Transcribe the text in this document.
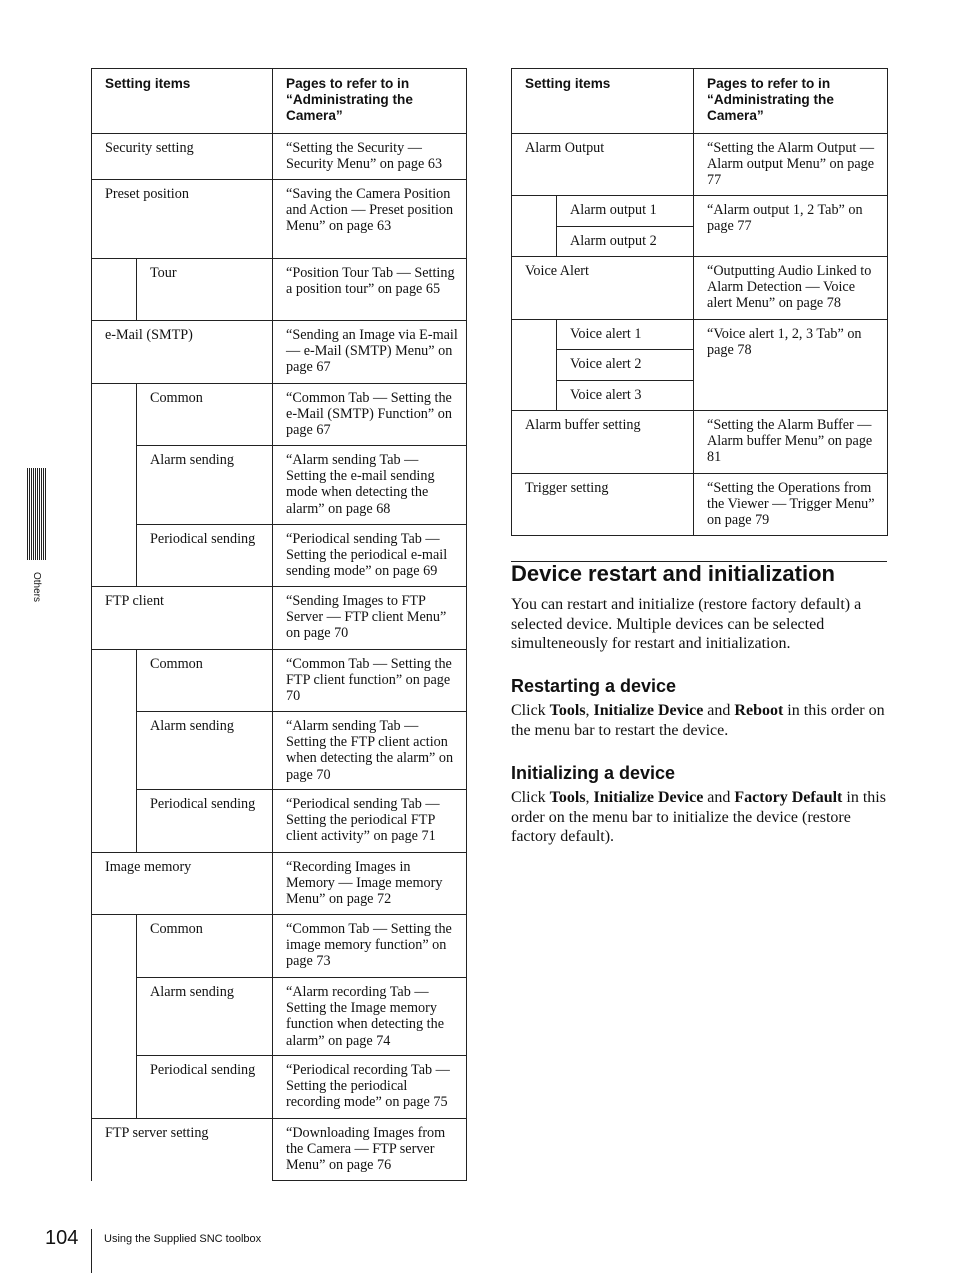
Setting items		Pages to refer to in “Administrating the Camera”
Security setting		“Setting the Security — Security Menu” on page 63
Preset position		“Saving the Camera Position and Action — Preset position Menu” on page 63
	Tour	“Position Tour Tab — Setting a position tour” on page 65
e-Mail (SMTP)		“Sending an Image via E-mail — e-Mail (SMTP) Menu” on page 67
	Common	“Common Tab — Setting the e-Mail (SMTP) Function” on page 67
	Alarm sending	“Alarm sending Tab — Setting the e-mail sending mode when detecting the alarm” on page 68
	Periodical sending	“Periodical sending Tab — Setting the periodical e-mail sending mode” on page 69
FTP client		“Sending Images to FTP Server — FTP client Menu” on page 70
	Common	“Common Tab — Setting the FTP client function” on page 70
	Alarm sending	“Alarm sending Tab — Setting the FTP client action when detecting the alarm” on page 70
	Periodical sending	“Periodical sending Tab — Setting the periodical FTP client activity” on page 71
Image memory		“Recording Images in Memory — Image memory Menu” on page 72
	Common	“Common Tab — Setting the image memory function” on page 73
	Alarm sending	“Alarm recording Tab — Setting the Image memory function when detecting the alarm” on page 74
	Periodical sending	“Periodical recording Tab — Setting the periodical recording mode” on page 75
FTP server setting		“Downloading Images from the Camera — FTP server Menu” on page 76
Setting items		Pages to refer to in “Administrating the Camera”
Alarm Output		“Setting the Alarm Output — Alarm output Menu” on page 77
	Alarm output 1	“Alarm output 1, 2 Tab” on page 77
	Alarm output 2	
Voice Alert		“Outputting Audio Linked to Alarm Detection — Voice alert Menu” on page 78
	Voice alert 1	“Voice alert 1, 2, 3 Tab” on page 78
	Voice alert 2	
	Voice alert 3	
Alarm buffer setting		“Setting the Alarm Buffer — Alarm buffer Menu” on page 81
Trigger setting		“Setting the Operations from the Viewer — Trigger Menu” on page 79
Device restart and initialization

You can restart and initialize (restore factory default) a selected device. Multiple devices can be selected simulteneously for restart and initialization.

Restarting a device

Click Tools, Initialize Device and Reboot in this order on the menu bar to restart the device.

Initializing a device

Click Tools, Initialize Device and Factory Default in this order on the menu bar to initialize the device (restore factory default).

Others
104 Using the Supplied SNC toolbox
